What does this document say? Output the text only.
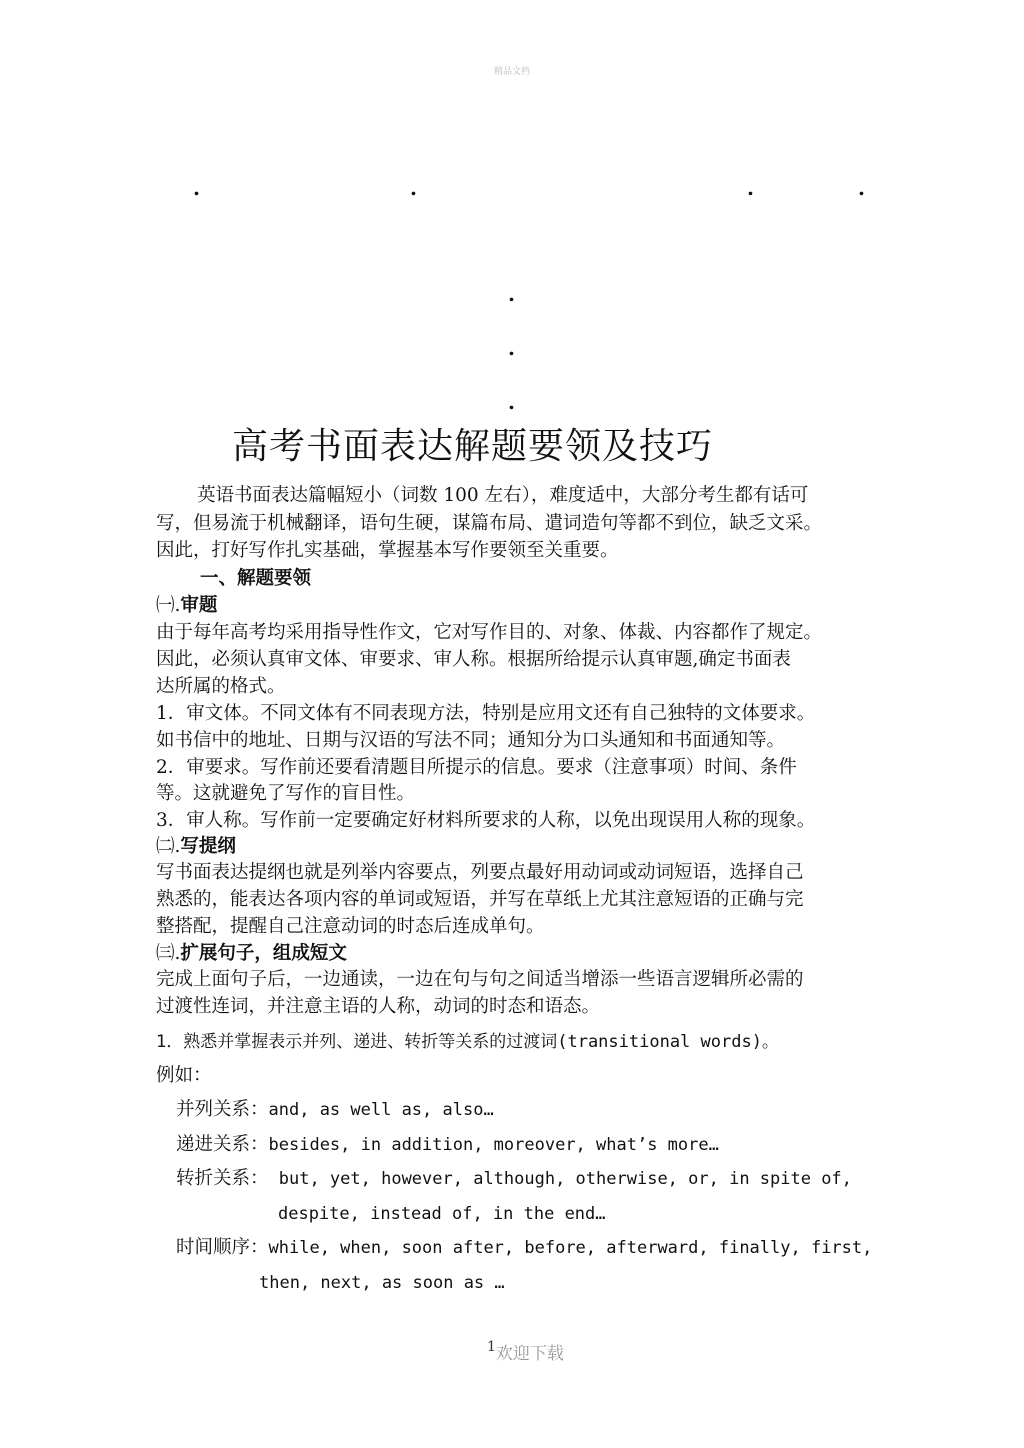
精品文档
.	.	.	.
.
.
.
高考书面表达解题要领及技巧
英语书面表达篇幅短小（词数 100 左右），难度适中，大部分考生都有话可
写，但易流于机械翻译，语句生硬，谋篇布局、遣词造句等都不到位，缺乏文采。
因此，打好写作扎实基础，掌握基本写作要领至关重要。
一、解题要领
㈠.审题
由于每年高考均采用指导性作文，它对写作目的、对象、体裁、内容都作了规定。
因此，必须认真审文体、审要求、审人称。根据所给提示认真审题,确定书面表
达所属的格式。
1．审文体。不同文体有不同表现方法，特别是应用文还有自己独特的文体要求。
如书信中的地址、日期与汉语的写法不同；通知分为口头通知和书面通知等。
2．审要求。写作前还要看清题目所提示的信息。要求（注意事项）时间、条件
等。这就避免了写作的盲目性。
3．审人称。写作前一定要确定好材料所要求的人称，以免出现误用人称的现象。
㈡.写提纲
写书面表达提纲也就是列举内容要点，列要点最好用动词或动词短语，选择自己
熟悉的，能表达各项内容的单词或短语，并写在草纸上尤其注意短语的正确与完
整搭配，提醒自己注意动词的时态后连成单句。
㈢.扩展句子，组成短文
完成上面句子后，一边通读，一边在句与句之间适当增添一些语言逻辑所必需的
过渡性连词，并注意主语的人称，动词的时态和语态。
1．熟悉并掌握表示并列、递进、转折等关系的过渡词(transitional words)。
例如：
并列关系：and, as well as, also…
递进关系：besides, in addition, moreover, what’s more…
转折关系： but, yet, however, although, otherwise, or, in spite of,
despite, instead of, in the end…
时间顺序：while, when, soon after, before, afterward, finally, first,
then, next, as soon as …
$^1$欢迎下载
